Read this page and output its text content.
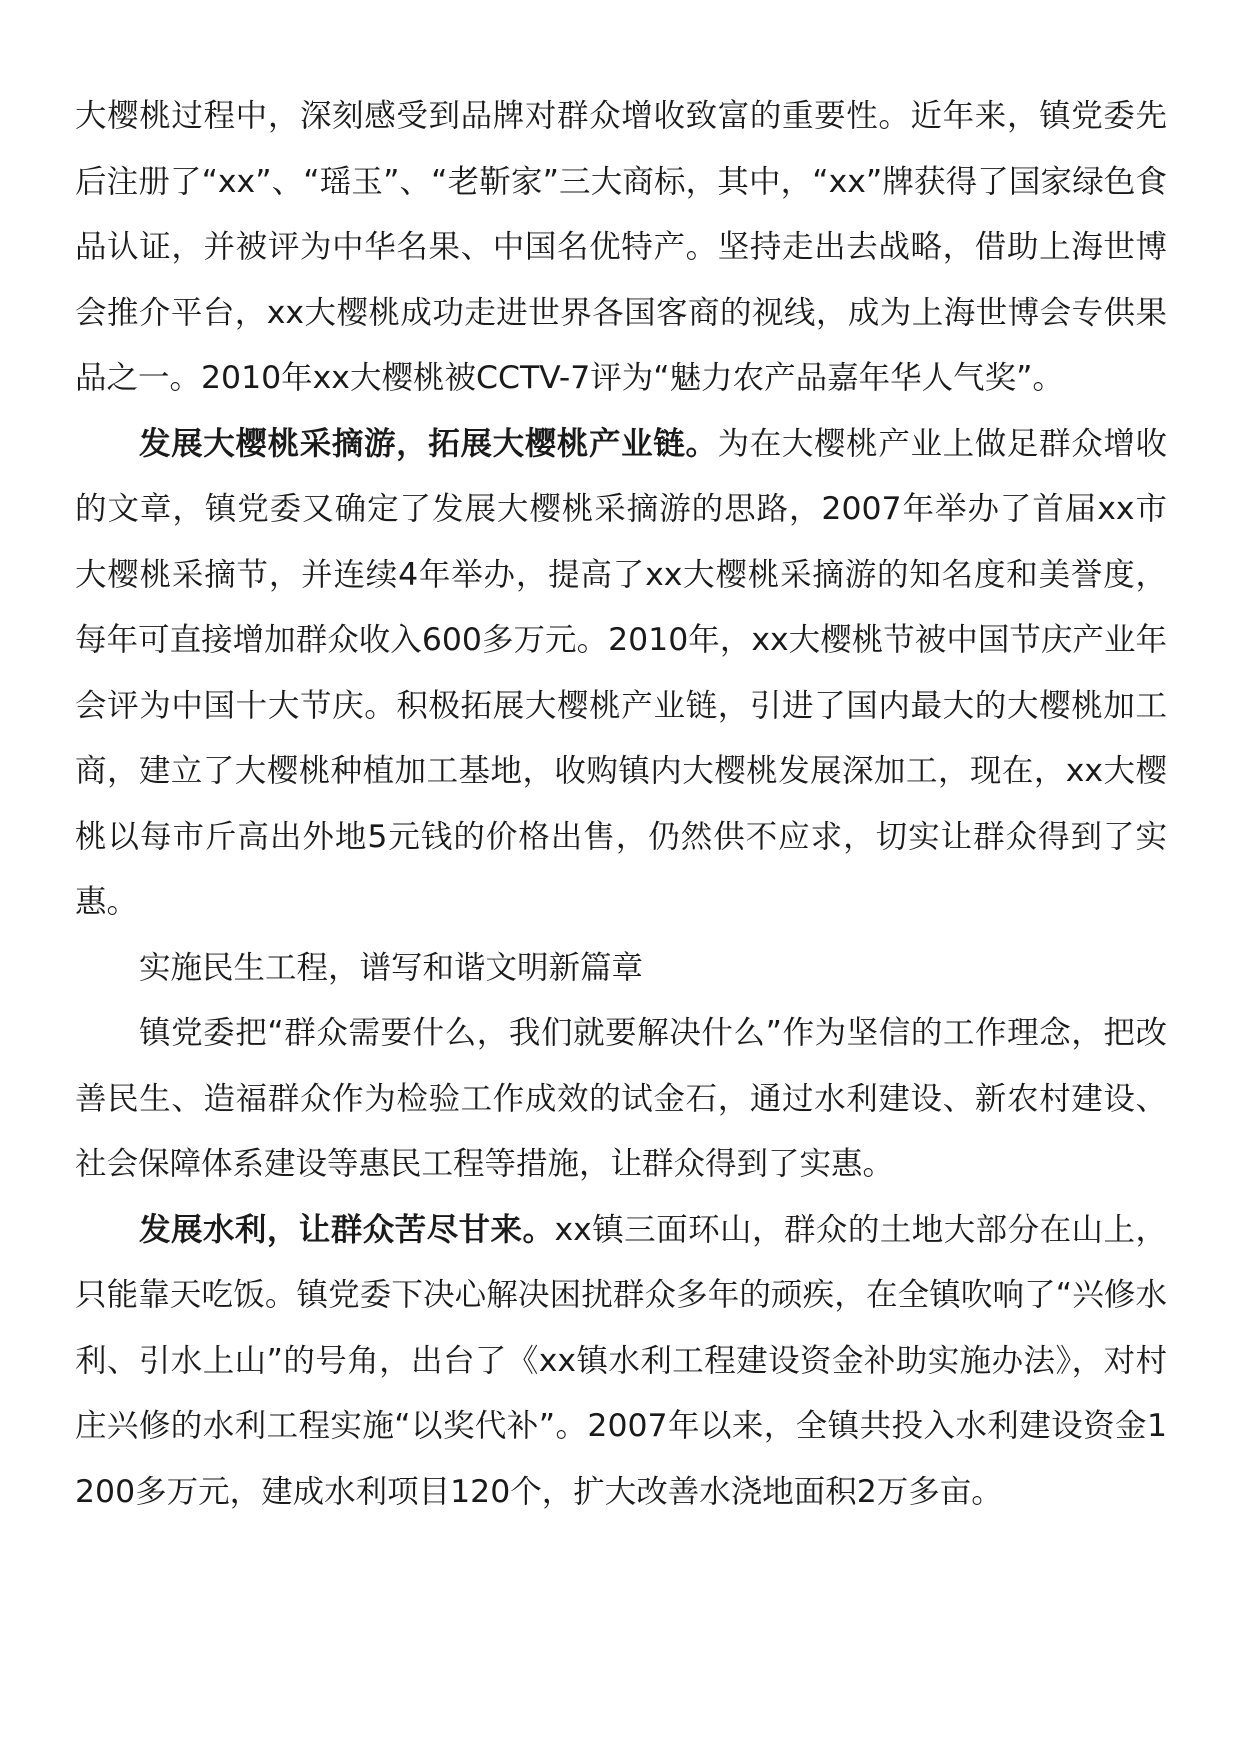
大樱桃过程中，深刻感受到品牌对群众增收致富的重要性。近年来，镇党委先后注册了“xx”、“瑶玉”、“老靳家”三大商标，其中，“xx”牌获得了国家绿色食品认证，并被评为中华名果、中国名优特产。坚持走出去战略，借助上海世博会推介平台，xx大樱桃成功走进世界各国客商的视线，成为上海世博会专供果品之一。2010年xx大樱桃被CCTV-7评为“魅力农产品嘉年华人气奖”。

发展大樱桃采摘游，拓展大樱桃产业链。为在大樱桃产业上做足群众增收的文章，镇党委又确定了发展大樱桃采摘游的思路，2007年举办了首届xx市大樱桃采摘节，并连续4年举办，提高了xx大樱桃采摘游的知名度和美誉度，每年可直接增加群众收入600多万元。2010年，xx大樱桃节被中国节庆产业年会评为中国十大节庆。积极拓展大樱桃产业链，引进了国内最大的大樱桃加工商，建立了大樱桃种植加工基地，收购镇内大樱桃发展深加工，现在，xx大樱桃以每市斤高出外地5元钱的价格出售，仍然供不应求，切实让群众得到了实惠。

实施民生工程，谱写和谐文明新篇章

镇党委把“群众需要什么，我们就要解决什么”作为坚信的工作理念，把改善民生、造福群众作为检验工作成效的试金石，通过水利建设、新农村建设、社会保障体系建设等惠民工程等措施，让群众得到了实惠。

发展水利，让群众苦尽甘来。xx镇三面环山，群众的土地大部分在山上，只能靠天吃饭。镇党委下决心解决困扰群众多年的顽疾，在全镇吹响了“兴修水利、引水上山”的号角，出台了《xx镇水利工程建设资金补助实施办法》，对村庄兴修的水利工程实施“以奖代补”。2007年以来，全镇共投入水利建设资金1200多万元，建成水利项目120个，扩大改善水浇地面积2万多亩。
